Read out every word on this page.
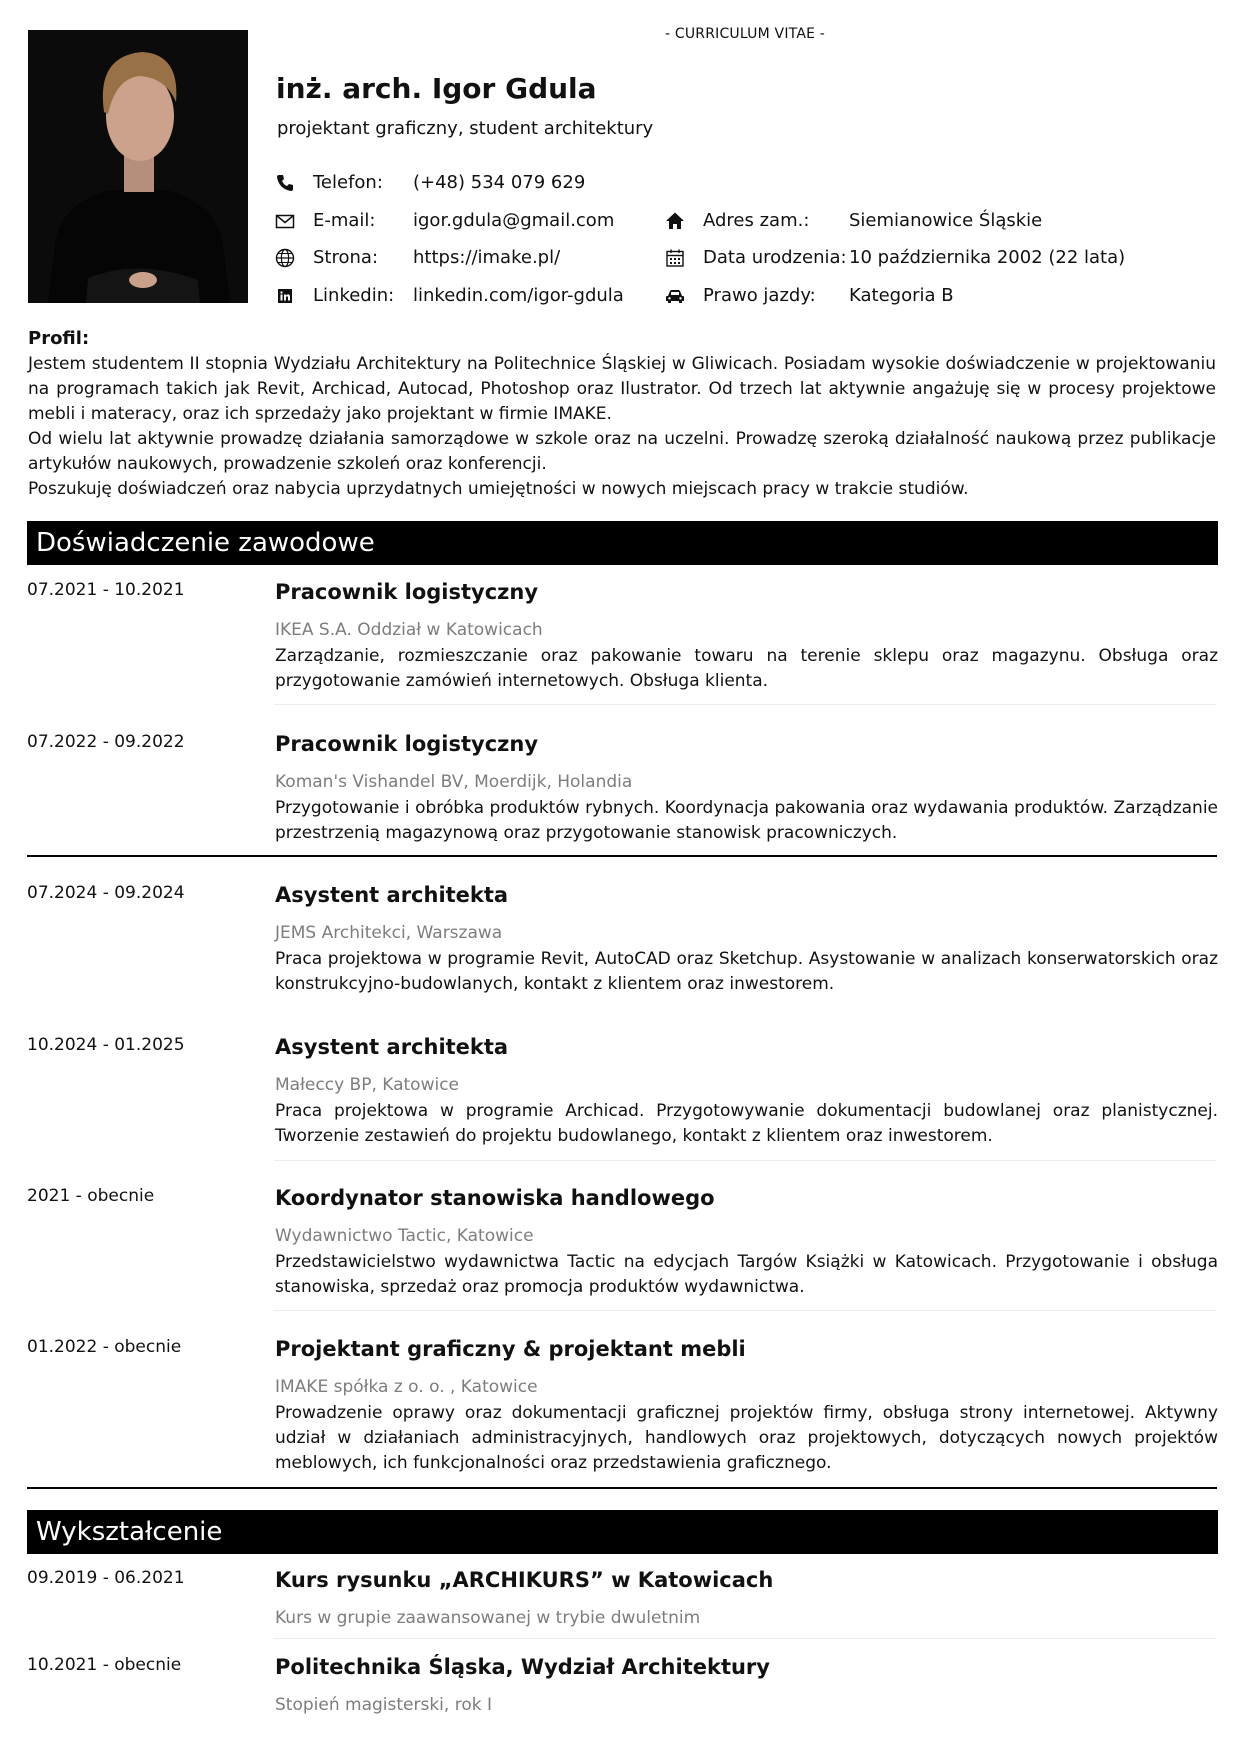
- CURRICULUM VITAE -
inż. arch. Igor Gdula
projektant graficzny, student architektury
Telefon: (+48) 534 079 629
E-mail: igor.gdula@gmail.com
Strona: https://imake.pl/
Linkedin: linkedin.com/igor-gdula
Adres zam.: Siemianowice Śląskie
Data urodzenia: 10 października 2002 (22 lata)
Prawo jazdy: Kategoria B
Profil:

Jestem studentem II stopnia Wydziału Architektury na Politechnice Śląskiej w Gliwicach. Posiadam wysokie doświadczenie w projektowaniu na programach takich jak Revit, Archicad, Autocad, Photoshop oraz Ilustrator. Od trzech lat aktywnie angażuję się w procesy projektowe mebli i materacy, oraz ich sprzedaży jako projektant w firmie IMAKE.

Od wielu lat aktywnie prowadzę działania samorządowe w szkole oraz na uczelni. Prowadzę szeroką działalność naukową przez publikacje artykułów naukowych, prowadzenie szkoleń oraz konferencji.

Poszukuję doświadczeń oraz nabycia uprzydatnych umiejętności w nowych miejscach pracy w trakcie studiów.

Doświadczenie zawodowe
07.2021 - 10.2021	Pracownik logistyczny
IKEA S.A. Oddział w Katowicach
Zarządzanie, rozmieszczanie oraz pakowanie towaru na terenie sklepu oraz magazynu. Obsługa oraz przygotowanie zamówień internetowych. Obsługa klienta.
07.2022 - 09.2022	Pracownik logistyczny
Koman's Vishandel BV, Moerdijk, Holandia
Przygotowanie i obróbka produktów rybnych. Koordynacja pakowania oraz wydawania produktów. Zarządzanie przestrzenią magazynową oraz przygotowanie stanowisk pracowniczych.
07.2024 - 09.2024	Asystent architekta
JEMS Architekci, Warszawa
Praca projektowa w programie Revit, AutoCAD oraz Sketchup. Asystowanie w analizach konserwatorskich oraz konstrukcyjno-budowlanych, kontakt z klientem oraz inwestorem.
10.2024 - 01.2025	Asystent architekta
Małeccy BP, Katowice
Praca projektowa w programie Archicad. Przygotowywanie dokumentacji budowlanej oraz planistycznej. Tworzenie zestawień do projektu budowlanego, kontakt z klientem oraz inwestorem.
2021 - obecnie	Koordynator stanowiska handlowego
Wydawnictwo Tactic, Katowice
Przedstawicielstwo wydawnictwa Tactic na edycjach Targów Książki w Katowicach. Przygotowanie i obsługa stanowiska, sprzedaż oraz promocja produktów wydawnictwa.
01.2022 - obecnie	Projektant graficzny & projektant mebli
IMAKE spółka z o. o. , Katowice
Prowadzenie oprawy oraz dokumentacji graficznej projektów firmy, obsługa strony internetowej. Aktywny udział w działaniach administracyjnych, handlowych oraz projektowych, dotyczących nowych projektów meblowych, ich funkcjonalności oraz przedstawienia graficznego.
Wykształcenie
09.2019 - 06.2021	Kurs rysunku „ARCHIKURS” w Katowicach
Kurs w grupie zaawansowanej w trybie dwuletnim
10.2021 - obecnie	Politechnika Śląska, Wydział Architektury
Stopień magisterski, rok I
